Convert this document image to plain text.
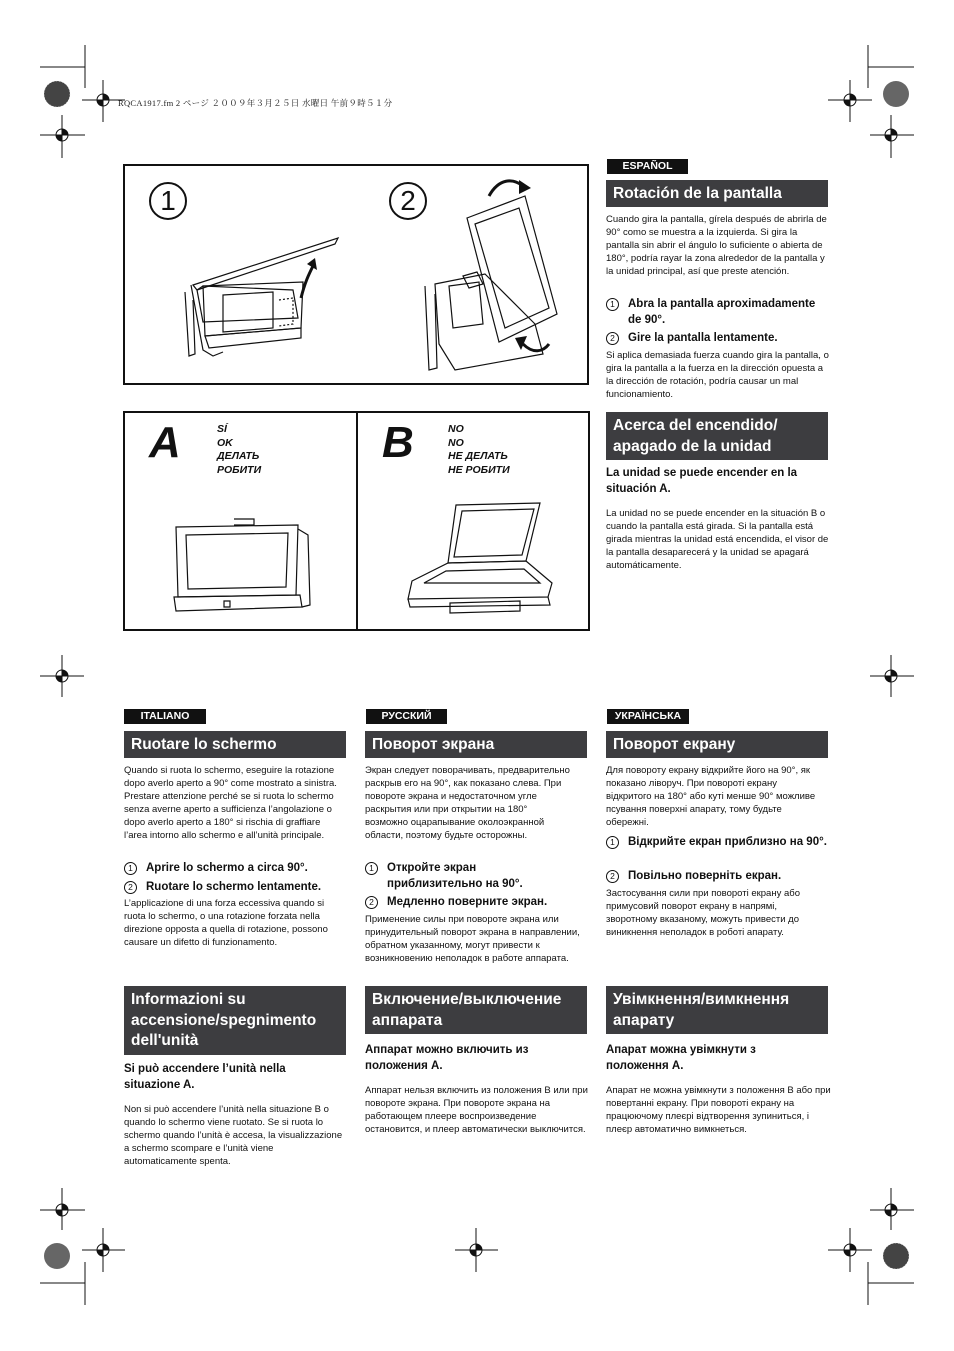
RQCA1917.fm 2 ページ ２００９年３月２５日 水曜日 午前９時５１分
1	2
A	SÍ
OK
ДЕЛАТЬ
РОБИТИ
B	NO
NO
НЕ ДЕЛАТЬ
НЕ РОБИТИ
ESPAÑOL
Rotación de la pantalla
Cuando gira la pantalla, gírela después de abrirla de 90° como se muestra a la izquierda. Si gira la pantalla sin abrir el ángulo lo suficiente o abierta de 180°, podría rayar la zona alrededor de la pantalla y la unidad principal, así que preste atención.
1	Abra la pantalla aproximadamente de 90°.
2	Gire la pantalla lentamente.
Si aplica demasiada fuerza cuando gira la pantalla, o gira la pantalla a la fuerza en la dirección opuesta a la dirección de rotación, podría causar un mal funcionamiento.
Acerca del encendido/ apagado de la unidad
La unidad se puede encender en la situación A.
La unidad no se puede encender en la situación B o cuando la pantalla está girada. Si la pantalla está girada mientras la unidad está encendida, el visor de la pantalla desaparecerá y la unidad se apagará automáticamente.
ITALIANO
Ruotare lo schermo
Quando si ruota lo schermo, eseguire la rotazione dopo averlo aperto a 90° come mostrato a sinistra. Prestare attenzione perché se si ruota lo schermo senza averne aperto a sufficienza l’angolazione o dopo averlo aperto a 180° si rischia di graffiare l’area intorno allo schermo e all’unità principale.
1	Aprire lo schermo a circa 90°.
2	Ruotare lo schermo lentamente.
L’applicazione di una forza eccessiva quando si ruota lo schermo, o una rotazione forzata nella direzione opposta a quella di rotazione, possono causare un difetto di funzionamento.
Informazioni su accensione/spegnimento dell'unità
Si può accendere l’unità nella situazione A.
Non si può accendere l’unità nella situazione B o quando lo schermo viene ruotato. Se si ruota lo schermo quando l’unità è accesa, la visualizzazione a schermo scompare e l’unità viene automaticamente spenta.
РУССКИЙ
Поворот экрана
Экран следует поворачивать, предварительно раскрыв его на 90°, как показано слева. При повороте экрана и недостаточном угле раскрытия или при открытии на 180° возможно оцарапывание околоэкранной области, поэтому будьте осторожны.
1	Откройте экран приблизительно на 90°.
2	Медленно поверните экран.
Применение силы при повороте экрана или принудительный поворот экрана в направлении, обратном указанному, могут привести к возникновению неполадок в работе аппарата.
Включение/выключение аппарата
Аппарат можно включить из положения A.
Аппарат нельзя включить из положения B или при повороте экрана. При повороте экрана на работающем плеере воспроизведение остановится, и плеер автоматически выключится.
УКРАЇНСЬКА
Поворот екрану
Для повороту екрану відкрийте його на 90°, як показано ліворуч. При повороті екрану відкритого на 180° або куті менше 90° можливе псування поверхні апарату, тому будьте обережні.
1	Відкрийте екран приблизно на 90°.
2	Повільно поверніть екран.
Застосування сили при повороті екрану або примусовий поворот екрану в напрямі, зворотному вказаному, можуть привести до виникнення неполадок в роботі апарату.
Увімкнення/вимкнення апарату
Апарат можна увімкнути з положення A.
Апарат не можна увімкнути з положення B або при повертанні екрану. При повороті екрану на працюючому плеєрі відтворення зупиниться, і плеєр автоматично вимкнеться.
